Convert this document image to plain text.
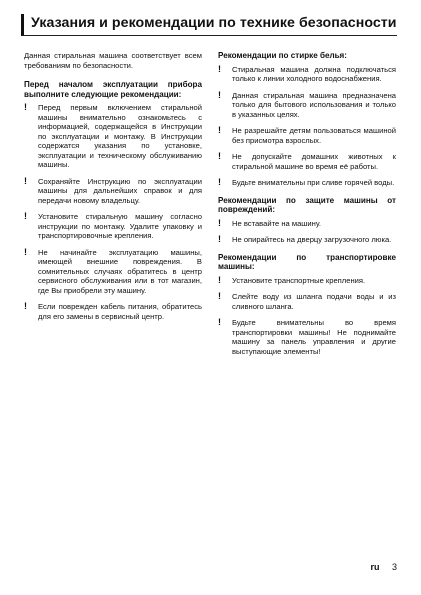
Указания и рекомендации по технике безопасности

Данная стиральная машина соответствует всем требованиям по безопасности.

Перед началом эксплуатации прибора выполните следующие рекомендации:
!	Перед первым включением стиральной машины внимательно ознакомьтесь с информацией, содержащейся в Инструкции по эксплуатации и монтажу. В Инструкции содержатся указания по установке, эксплуатации и техническому обслуживанию машины.
!	Сохраняйте Инструкцию по эксплуатации машины для дальнейших справок и для передачи новому владельцу.
!	Установите стиральную машину согласно инструкции по монтажу. Удалите упаковку и транспортировочные крепления.
!	Не начинайте эксплуатацию машины, имеющей внешние повреждения. В сомнительных случаях обратитесь в центр сервисного обслуживания или в тот магазин, где Вы приобрели эту машину.
!	Если поврежден кабель питания, обратитесь для его замены в сервисный центр.
Рекомендации по стирке белья:
!	Стиральная машина должна подключаться только к линии холодного водоснабжения.
!	Данная стиральная машина предназначена только для бытового использования и только в указанных целях.
!	Не разрешайте детям пользоваться машиной без присмотра взрослых.
!	Не допускайте домашних животных к стиральной машине во время её работы.
!	Будьте внимательны при сливе горячей воды.
Рекомендации по защите машины от повреждений:
!	Не вставайте на машину.
!	Не опирайтесь на дверцу загрузочного люка.
Рекомендации по транспортировке машины:
!	Установите транспортные крепления.
!	Слейте воду из шланга подачи воды и из сливного шланга.
!	Будьте внимательны во время транспортировки машины! Не поднимайте машину за панель управления и другие выступающие элементы!
ru 3
